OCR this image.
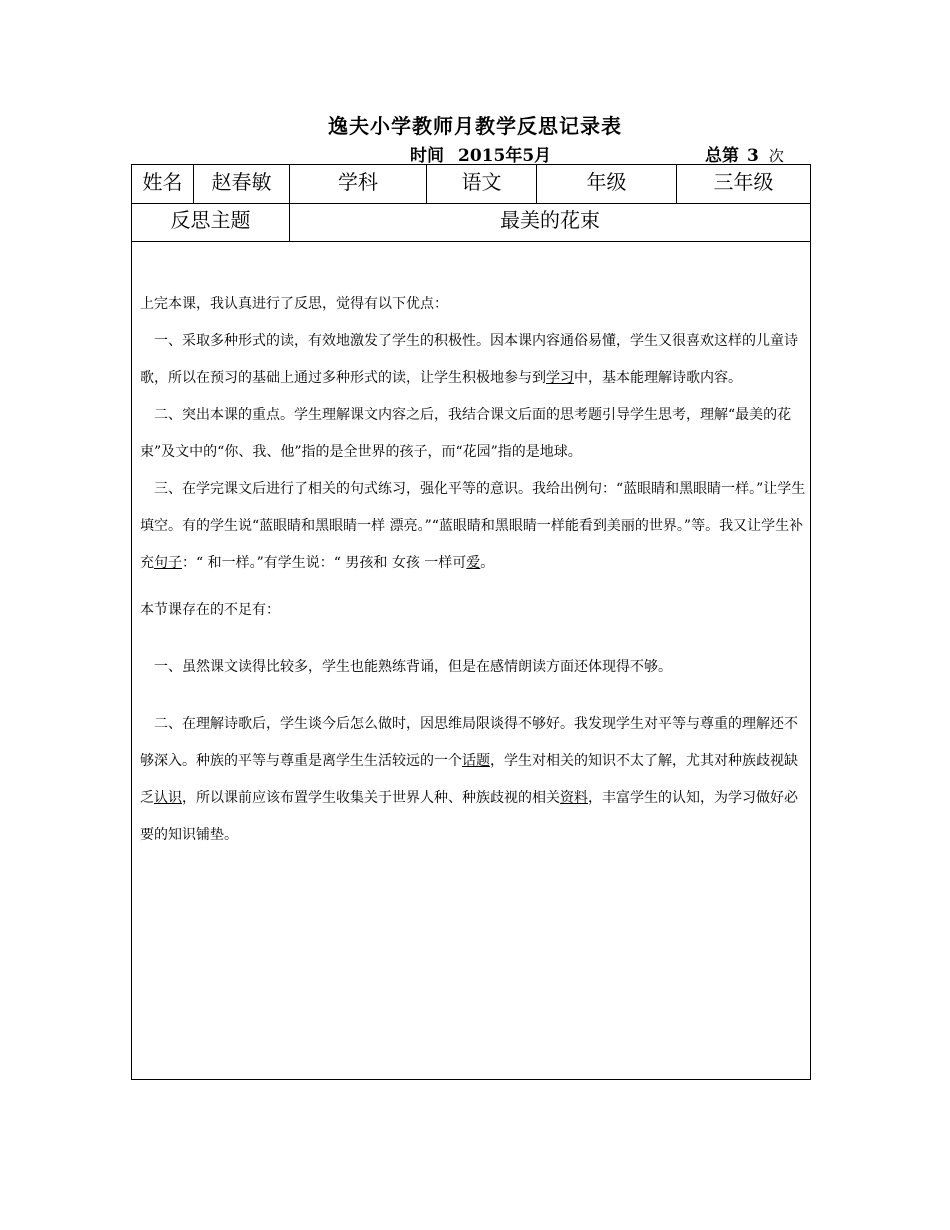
逸夫小学教师月教学反思记录表
时间 2015年5月	总第 3 次
姓名	赵春敏	学科	语文	年级	三年级
反思主题	最美的花束

上完本课，我认真进行了反思，觉得有以下优点：

一、采取多种形式的读，有效地激发了学生的积极性。因本课内容通俗易懂，学生又很喜欢这样的儿童诗歌，所以在预习的基础上通过多种形式的读，让学生积极地参与到学习中，基本能理解诗歌内容。

二、突出本课的重点。学生理解课文内容之后，我结合课文后面的思考题引导学生思考，理解“最美的花束”及文中的“你、我、他”指的是全世界的孩子，而“花园”指的是地球。

三、在学完课文后进行了相关的句式练习，强化平等的意识。我给出例句：“蓝眼睛和黑眼睛一样。”让学生填空。有的学生说“蓝眼睛和黑眼睛一样 漂亮。”“蓝眼睛和黑眼睛一样能看到美丽的世界。”等。我又让学生补充句子：“ 和一样。”有学生说：“ 男孩和 女孩 一样可爱。

本节课存在的不足有：

一、虽然课文读得比较多，学生也能熟练背诵，但是在感情朗读方面还体现得不够。

二、在理解诗歌后，学生谈今后怎么做时，因思维局限谈得不够好。我发现学生对平等与尊重的理解还不够深入。种族的平等与尊重是离学生生活较远的一个话题，学生对相关的知识不太了解，尤其对种族歧视缺乏认识，所以课前应该布置学生收集关于世界人种、种族歧视的相关资料，丰富学生的认知，为学习做好必要的知识铺垫。
